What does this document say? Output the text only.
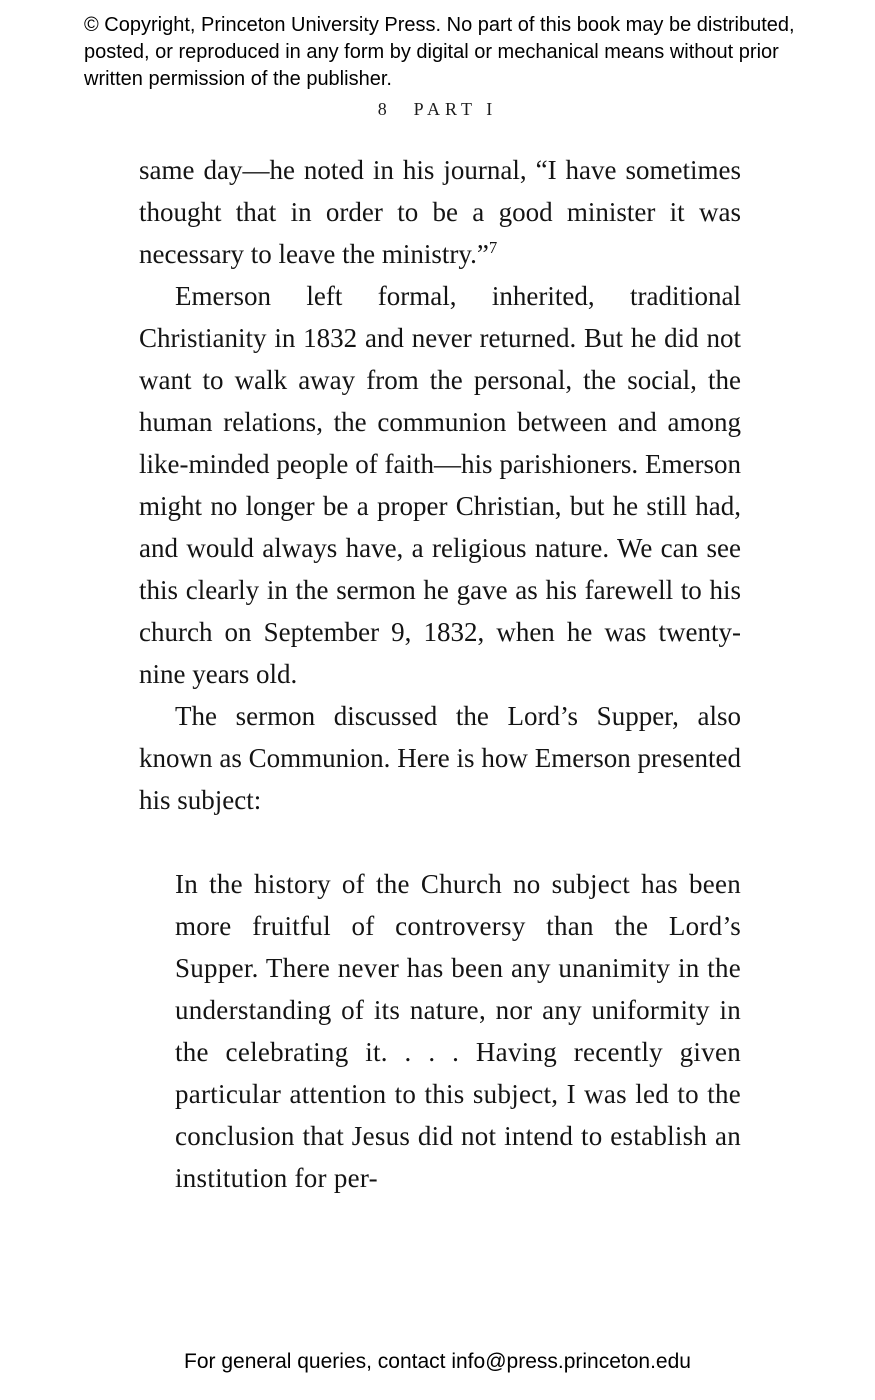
© Copyright, Princeton University Press. No part of this book may be distributed, posted, or reproduced in any form by digital or mechanical means without prior written permission of the publisher.
8 PART I

same day—he noted in his journal, “I have sometimes thought that in order to be a good minister it was necessary to leave the ministry.”$^7$

Emerson left formal, inherited, traditional Christianity in 1832 and never returned. But he did not want to walk away from the personal, the social, the human relations, the communion between and among like-minded people of faith—his parishioners. Emerson might no longer be a proper Christian, but he still had, and would always have, a religious nature. We can see this clearly in the sermon he gave as his farewell to his church on September 9, 1832, when he was twenty-nine years old.

The sermon discussed the Lord’s Supper, also known as Communion. Here is how Emerson presented his subject:

In the history of the Church no subject has been more fruitful of controversy than the Lord’s Supper. There never has been any unanimity in the understanding of its nature, nor any uniformity in the celebrating it. . . . Having recently given particular attention to this subject, I was led to the conclusion that Jesus did not intend to establish an institution for per-
For general queries, contact info@press.princeton.edu
